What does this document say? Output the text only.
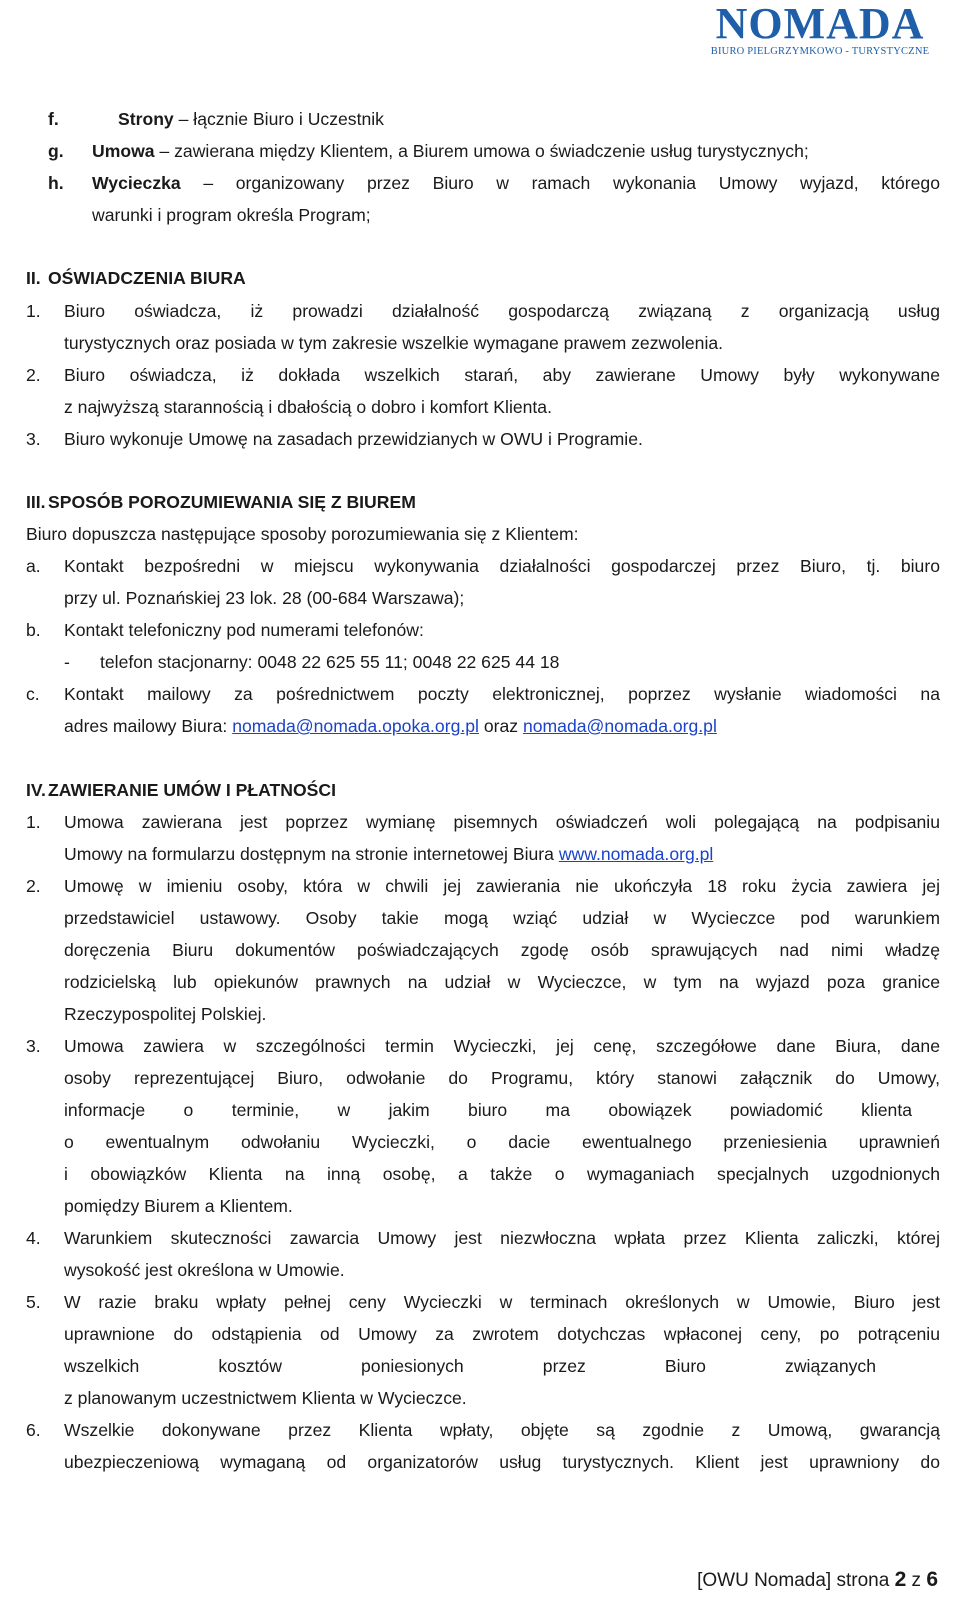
NOMADA
BIURO PIELGRZYMKOWO - TURYSTYCZNE
f.	Strony – łącznie Biuro i Uczestnik
g. Umowa – zawierana między Klientem, a Biurem umowa o świadczenie usług turystycznych;
h. Wycieczka – organizowany przez Biuro w ramach wykonania Umowy wyjazd, którego
warunki i program określa Program;
II. OŚWIADCZENIA BIURA
1. Biuro oświadcza, iż prowadzi działalność gospodarczą związaną z organizacją usług
turystycznych oraz posiada w tym zakresie wszelkie wymagane prawem zezwolenia.
2. Biuro oświadcza, iż dokłada wszelkich starań, aby zawierane Umowy były wykonywane
z najwyższą starannością i dbałością o dobro i komfort Klienta.
3. Biuro wykonuje Umowę na zasadach przewidzianych w OWU i Programie.
III. SPOSÓB POROZUMIEWANIA SIĘ Z BIUREM
Biuro dopuszcza następujące sposoby porozumiewania się z Klientem:
a. Kontakt bezpośredni w miejscu wykonywania działalności gospodarczej przez Biuro, tj. biuro
przy ul. Poznańskiej 23 lok. 28 (00-684 Warszawa);
b. Kontakt telefoniczny pod numerami telefonów:
- telefon stacjonarny: 0048 22 625 55 11; 0048 22 625 44 18
c. Kontakt mailowy za pośrednictwem poczty elektronicznej, poprzez wysłanie wiadomości na
adres mailowy Biura: nomada@nomada.opoka.org.pl oraz nomada@nomada.org.pl
IV. ZAWIERANIE UMÓW I PŁATNOŚCI
1. Umowa zawierana jest poprzez wymianę pisemnych oświadczeń woli polegającą na podpisaniu
Umowy na formularzu dostępnym na stronie internetowej Biura www.nomada.org.pl
2. Umowę w imieniu osoby, która w chwili jej zawierania nie ukończyła 18 roku życia zawiera jej
przedstawiciel ustawowy. Osoby takie mogą wziąć udział w Wycieczce pod warunkiem
doręczenia Biuru dokumentów poświadczających zgodę osób sprawujących nad nimi władzę
rodzicielską lub opiekunów prawnych na udział w Wycieczce, w tym na wyjazd poza granice
Rzeczypospolitej Polskiej.
3. Umowa zawiera w szczególności termin Wycieczki, jej cenę, szczegółowe dane Biura, dane
osoby reprezentującej Biuro, odwołanie do Programu, który stanowi załącznik do Umowy,
informacje o terminie, w jakim biuro ma obowiązek powiadomić klienta
o ewentualnym odwołaniu Wycieczki, o dacie ewentualnego przeniesienia uprawnień
i obowiązków Klienta na inną osobę, a także o wymaganiach specjalnych uzgodnionych
pomiędzy Biurem a Klientem.
4. Warunkiem skuteczności zawarcia Umowy jest niezwłoczna wpłata przez Klienta zaliczki, której
wysokość jest określona w Umowie.
5. W razie braku wpłaty pełnej ceny Wycieczki w terminach określonych w Umowie, Biuro jest
uprawnione do odstąpienia od Umowy za zwrotem dotychczas wpłaconej ceny, po potrąceniu
wszelkich kosztów poniesionych przez Biuro związanych
z planowanym uczestnictwem Klienta w Wycieczce.
6. Wszelkie dokonywane przez Klienta wpłaty, objęte są zgodnie z Umową, gwarancją
ubezpieczeniową wymaganą od organizatorów usług turystycznych. Klient jest uprawniony do
[OWU Nomada] strona 2 z 6
